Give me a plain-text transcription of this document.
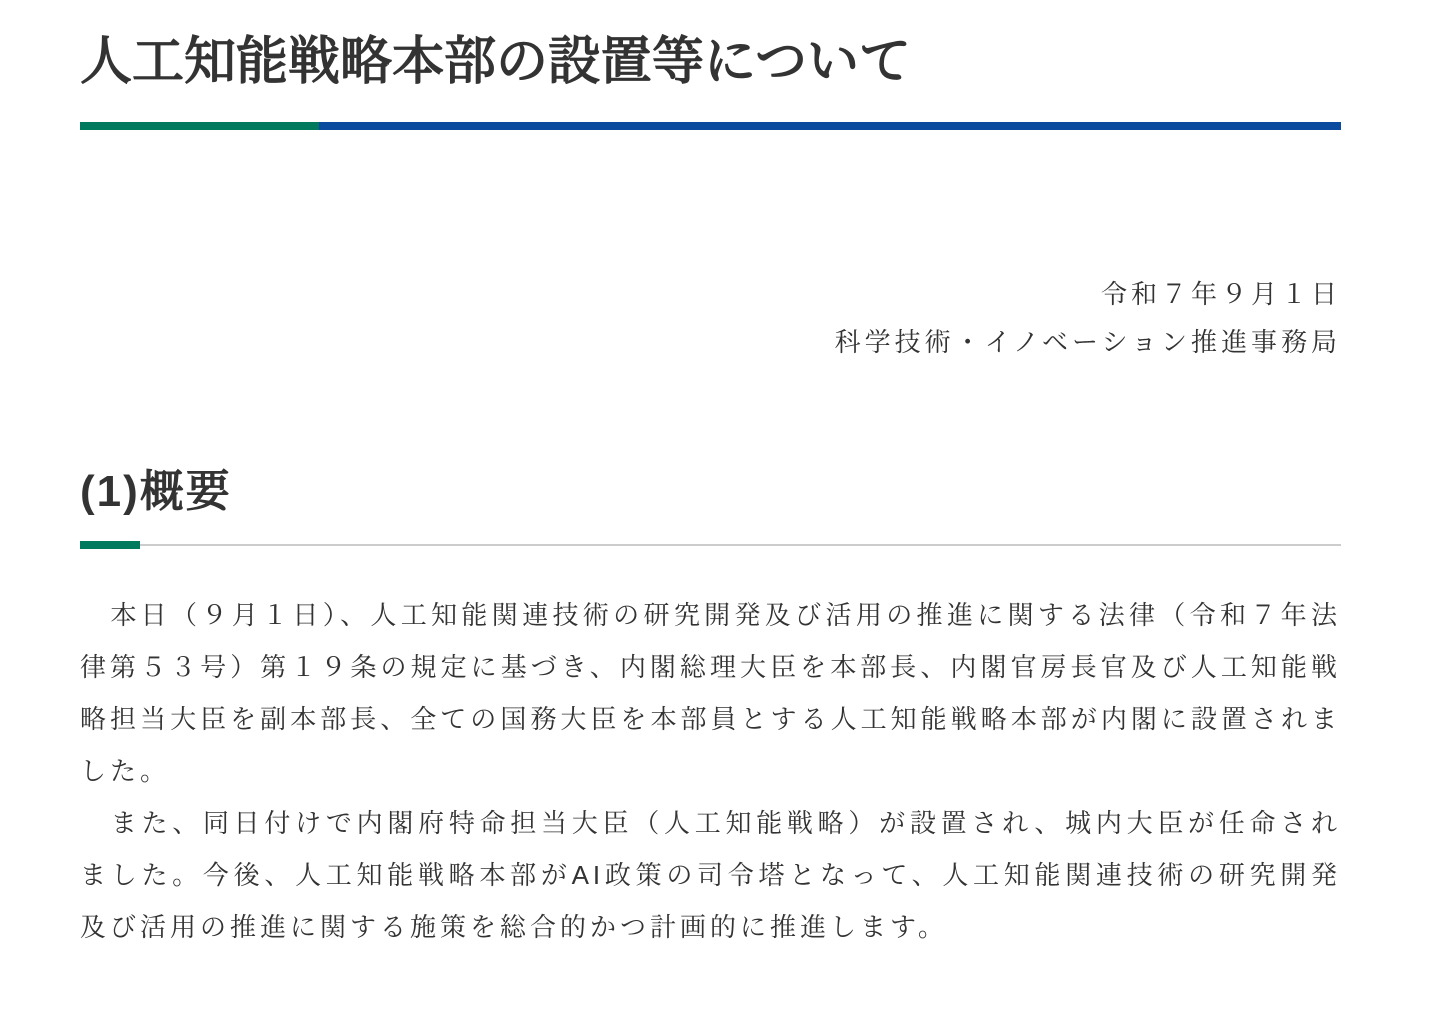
人工知能戦略本部の設置等について
令和７年９月１日
科学技術・イノベーション推進事務局
(1)概要

　本日（９月１日）、人工知能関連技術の研究開発及び活用の推進に関する法律（令和７年法律第５３号）第１９条の規定に基づき、内閣総理大臣を本部長、内閣官房長官及び人工知能戦略担当大臣を副本部長、全ての国務大臣を本部員とする人工知能戦略本部が内閣に設置されました。

　また、同日付けで内閣府特命担当大臣（人工知能戦略）が設置され、城内大臣が任命されました。今後、人工知能戦略本部がAI政策の司令塔となって、人工知能関連技術の研究開発及び活用の推進に関する施策を総合的かつ計画的に推進します。
